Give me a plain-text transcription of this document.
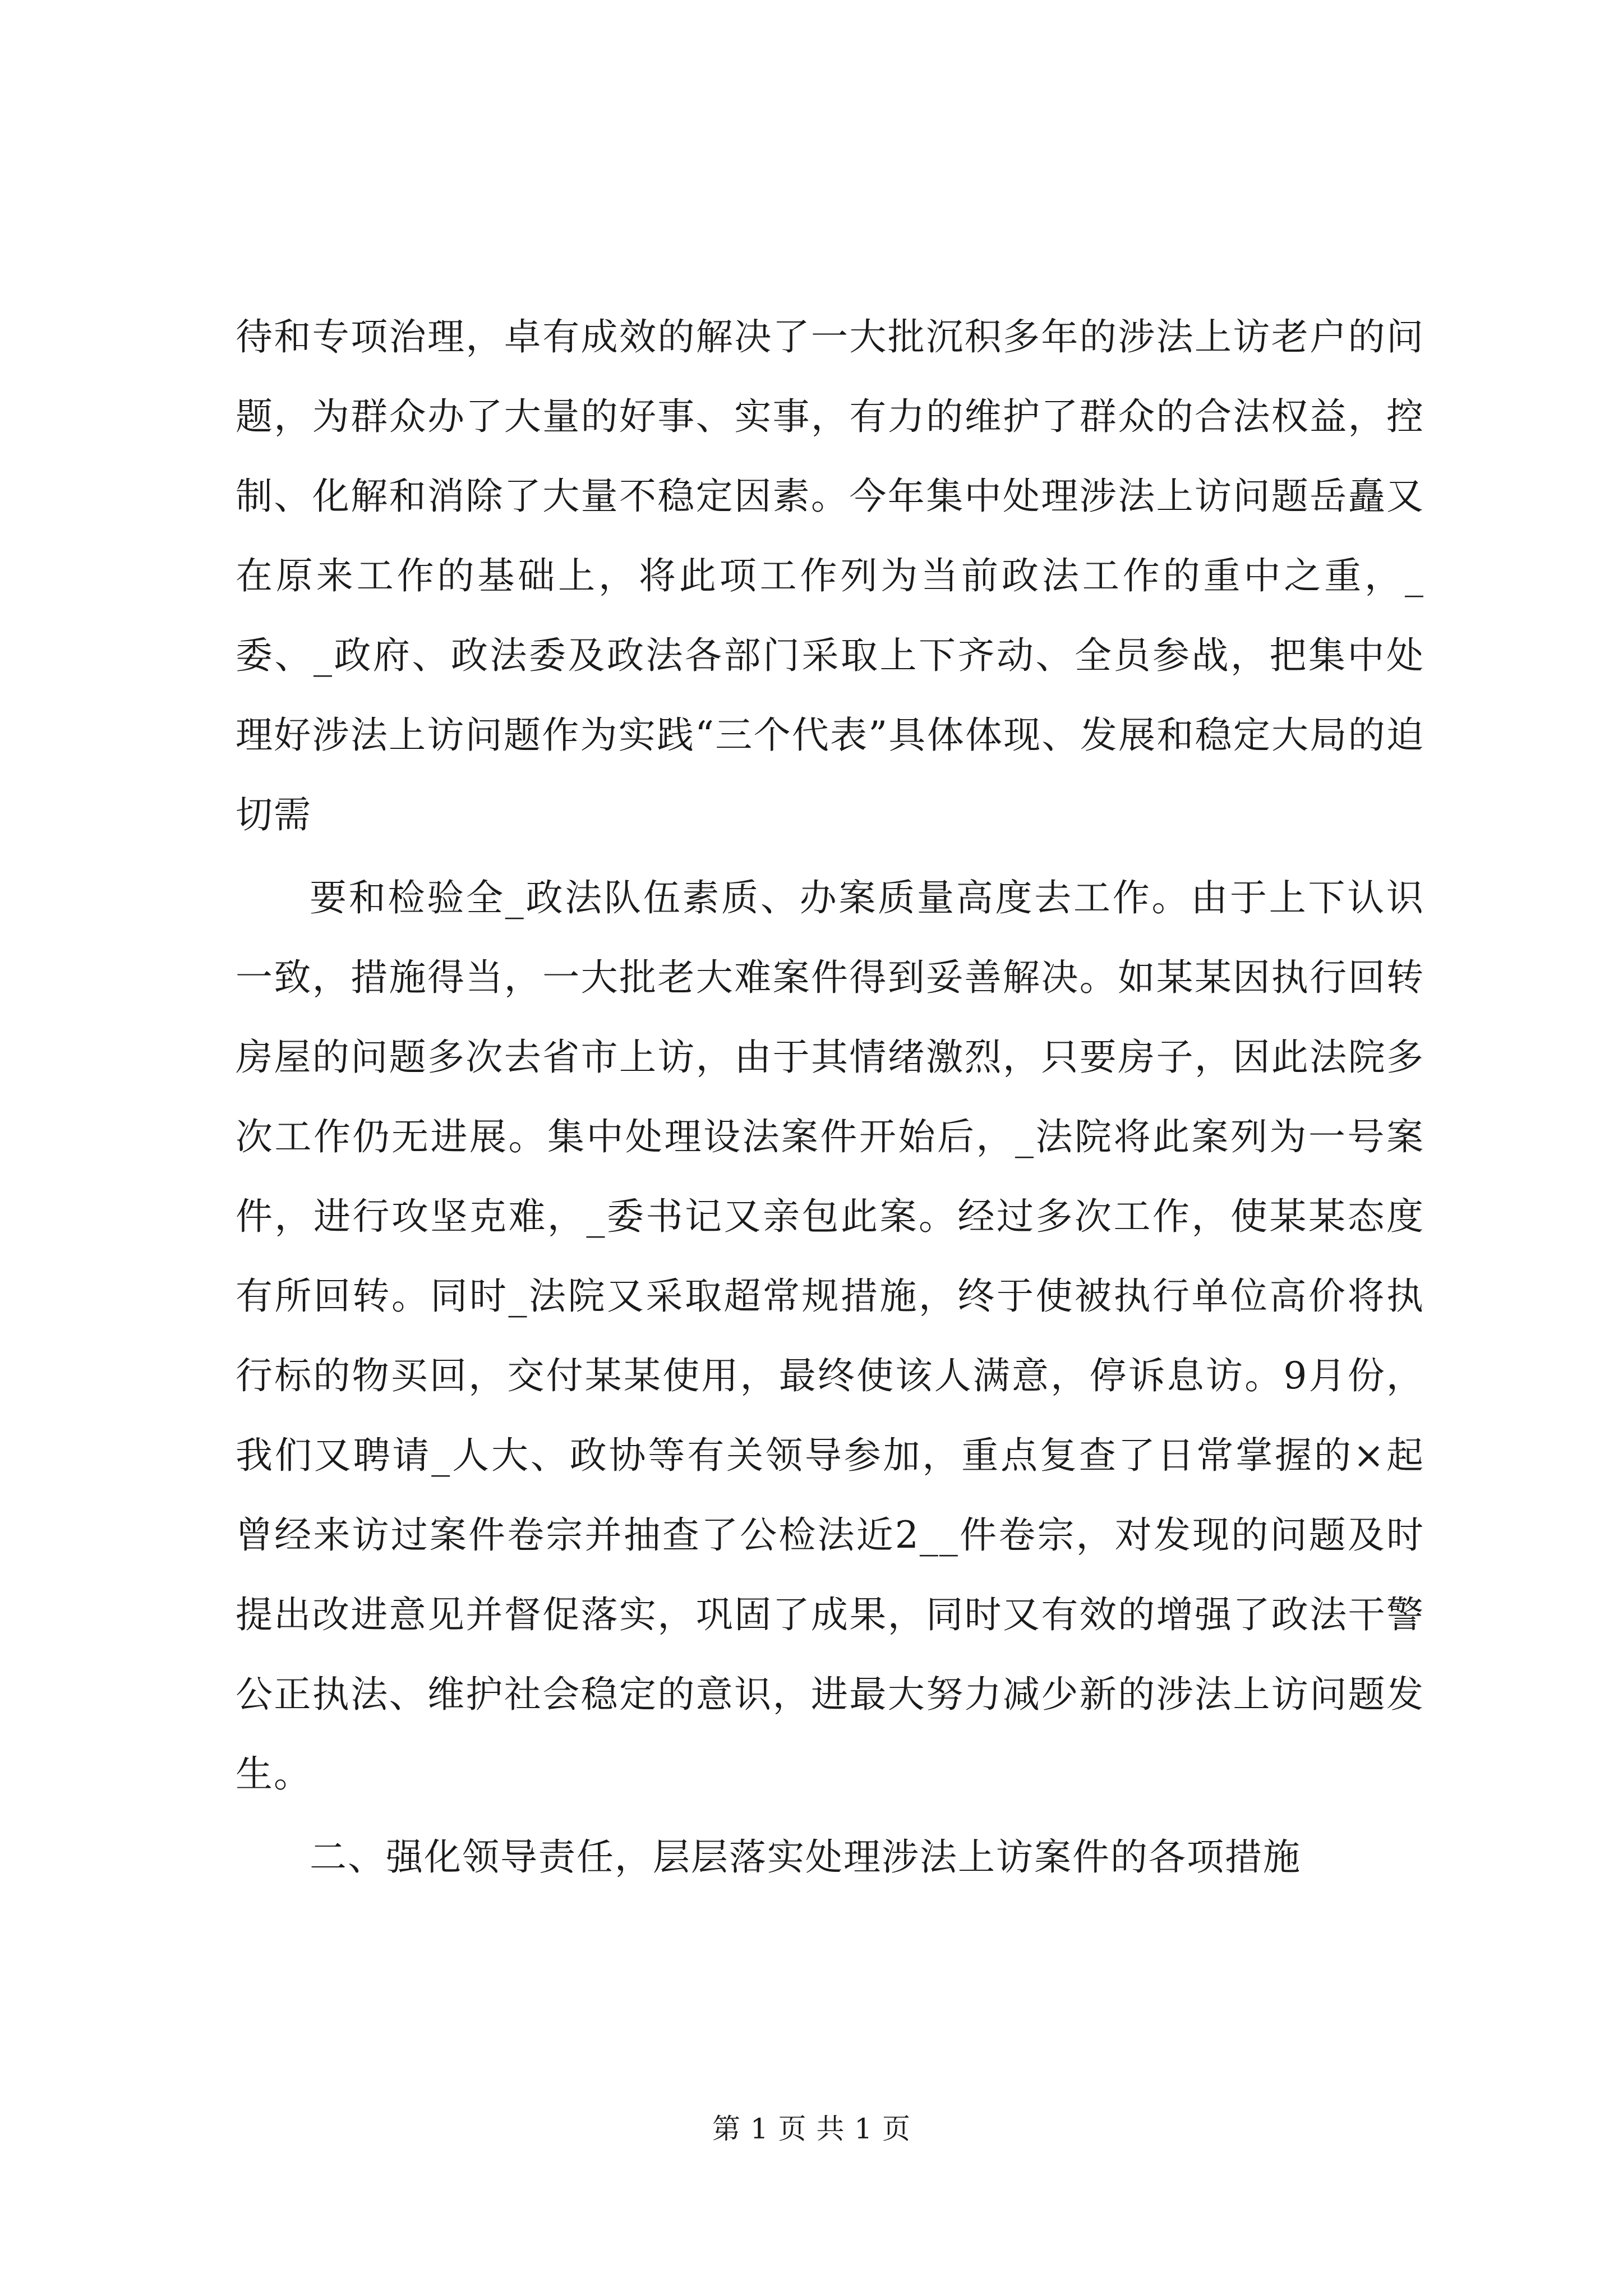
待和专项治理，卓有成效的解决了一大批沉积多年的涉法上访老户的问题，为群众办了大量的好事、实事，有力的维护了群众的合法权益，控制、化解和消除了大量不稳定因素。今年集中处理涉法上访问题岳矗又在原来工作的基础上，将此项工作列为当前政法工作的重中之重，_委、_政府、政法委及政法各部门采取上下齐动、全员参战，把集中处理好涉法上访问题作为实践“三个代表”具体体现、发展和稳定大局的迫切需

要和检验全_政法队伍素质、办案质量高度去工作。由于上下认识一致，措施得当，一大批老大难案件得到妥善解决。如某某因执行回转房屋的问题多次去省市上访，由于其情绪激烈，只要房子，因此法院多次工作仍无进展。集中处理设法案件开始后，_法院将此案列为一号案件，进行攻坚克难，_委书记又亲包此案。经过多次工作，使某某态度有所回转。同时_法院又采取超常规措施，终于使被执行单位高价将执行标的物买回，交付某某使用，最终使该人满意，停诉息访。9月份，我们又聘请_人大、政协等有关领导参加，重点复查了日常掌握的×起曾经来访过案件卷宗并抽查了公检法近2__件卷宗，对发现的问题及时提出改进意见并督促落实，巩固了成果，同时又有效的增强了政法干警公正执法、维护社会稳定的意识，进最大努力减少新的涉法上访问题发生。

二、强化领导责任，层层落实处理涉法上访案件的各项措施

第 1 页 共 1 页
